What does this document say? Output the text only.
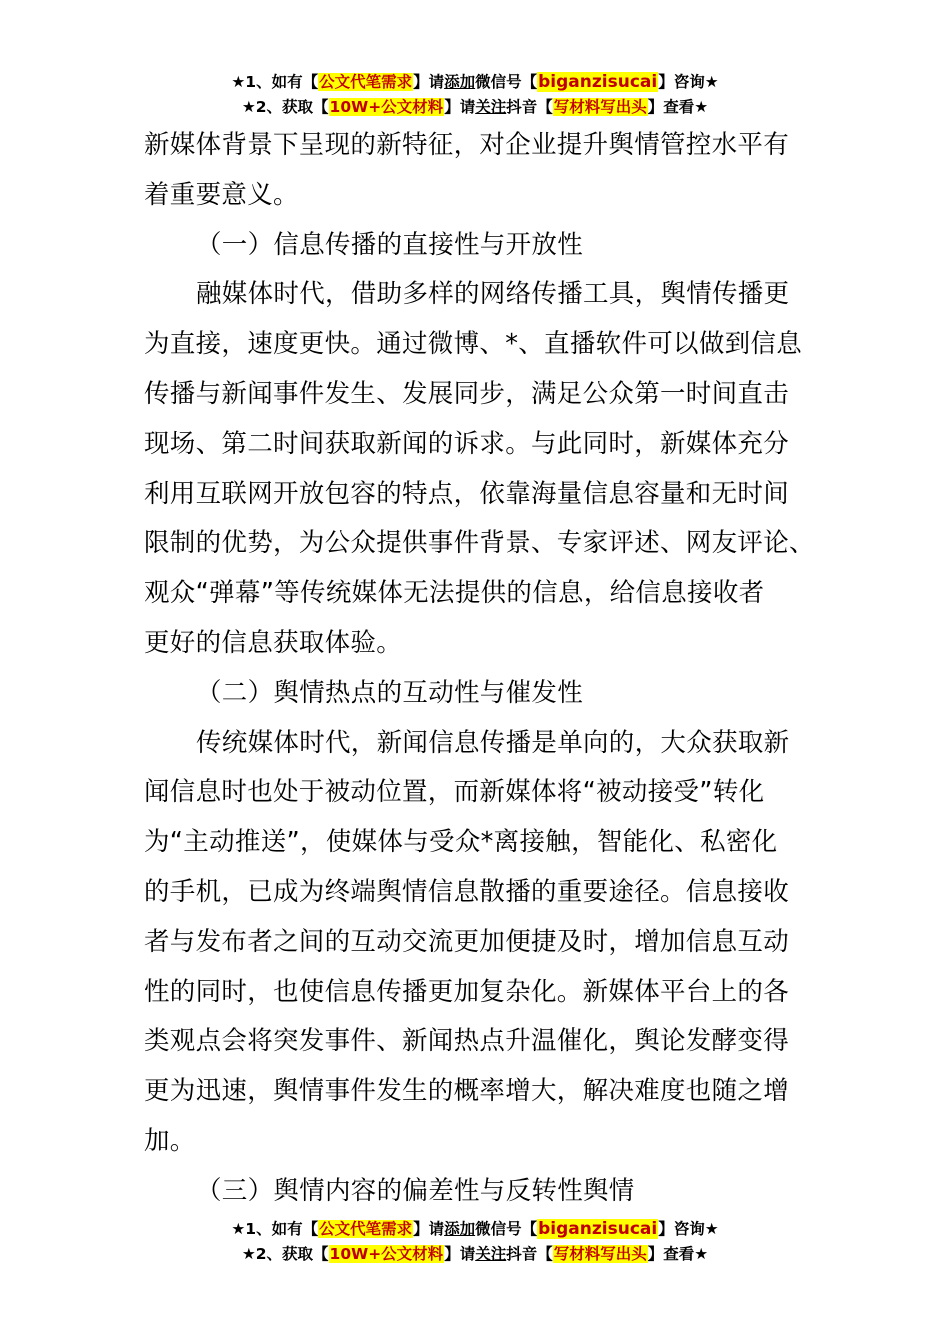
★1、如有【公文代笔需求】请添加微信号【biganzisucai】咨询★
★2、获取【10W+公文材料】请关注抖音【写材料写出头】查看★
新媒体背景下呈现的新特征，对企业提升舆情管控水平有
着重要意义。
（一）信息传播的直接性与开放性
融媒体时代，借助多样的网络传播工具，舆情传播更
为直接，速度更快。通过微博、*、直播软件可以做到信息
传播与新闻事件发生、发展同步，满足公众第一时间直击
现场、第二时间获取新闻的诉求。与此同时，新媒体充分
利用互联网开放包容的特点，依靠海量信息容量和无时间
限制的优势，为公众提供事件背景、专家评述、网友评论、
观众“弹幕”等传统媒体无法提供的信息，给信息接收者
更好的信息获取体验。
（二）舆情热点的互动性与催发性
传统媒体时代，新闻信息传播是单向的，大众获取新
闻信息时也处于被动位置，而新媒体将“被动接受”转化
为“主动推送”，使媒体与受众*离接触，智能化、私密化
的手机，已成为终端舆情信息散播的重要途径。信息接收
者与发布者之间的互动交流更加便捷及时，增加信息互动
性的同时，也使信息传播更加复杂化。新媒体平台上的各
类观点会将突发事件、新闻热点升温催化，舆论发酵变得
更为迅速，舆情事件发生的概率增大，解决难度也随之增
加。
（三）舆情内容的偏差性与反转性舆情
★1、如有【公文代笔需求】请添加微信号【biganzisucai】咨询★
★2、获取【10W+公文材料】请关注抖音【写材料写出头】查看★
